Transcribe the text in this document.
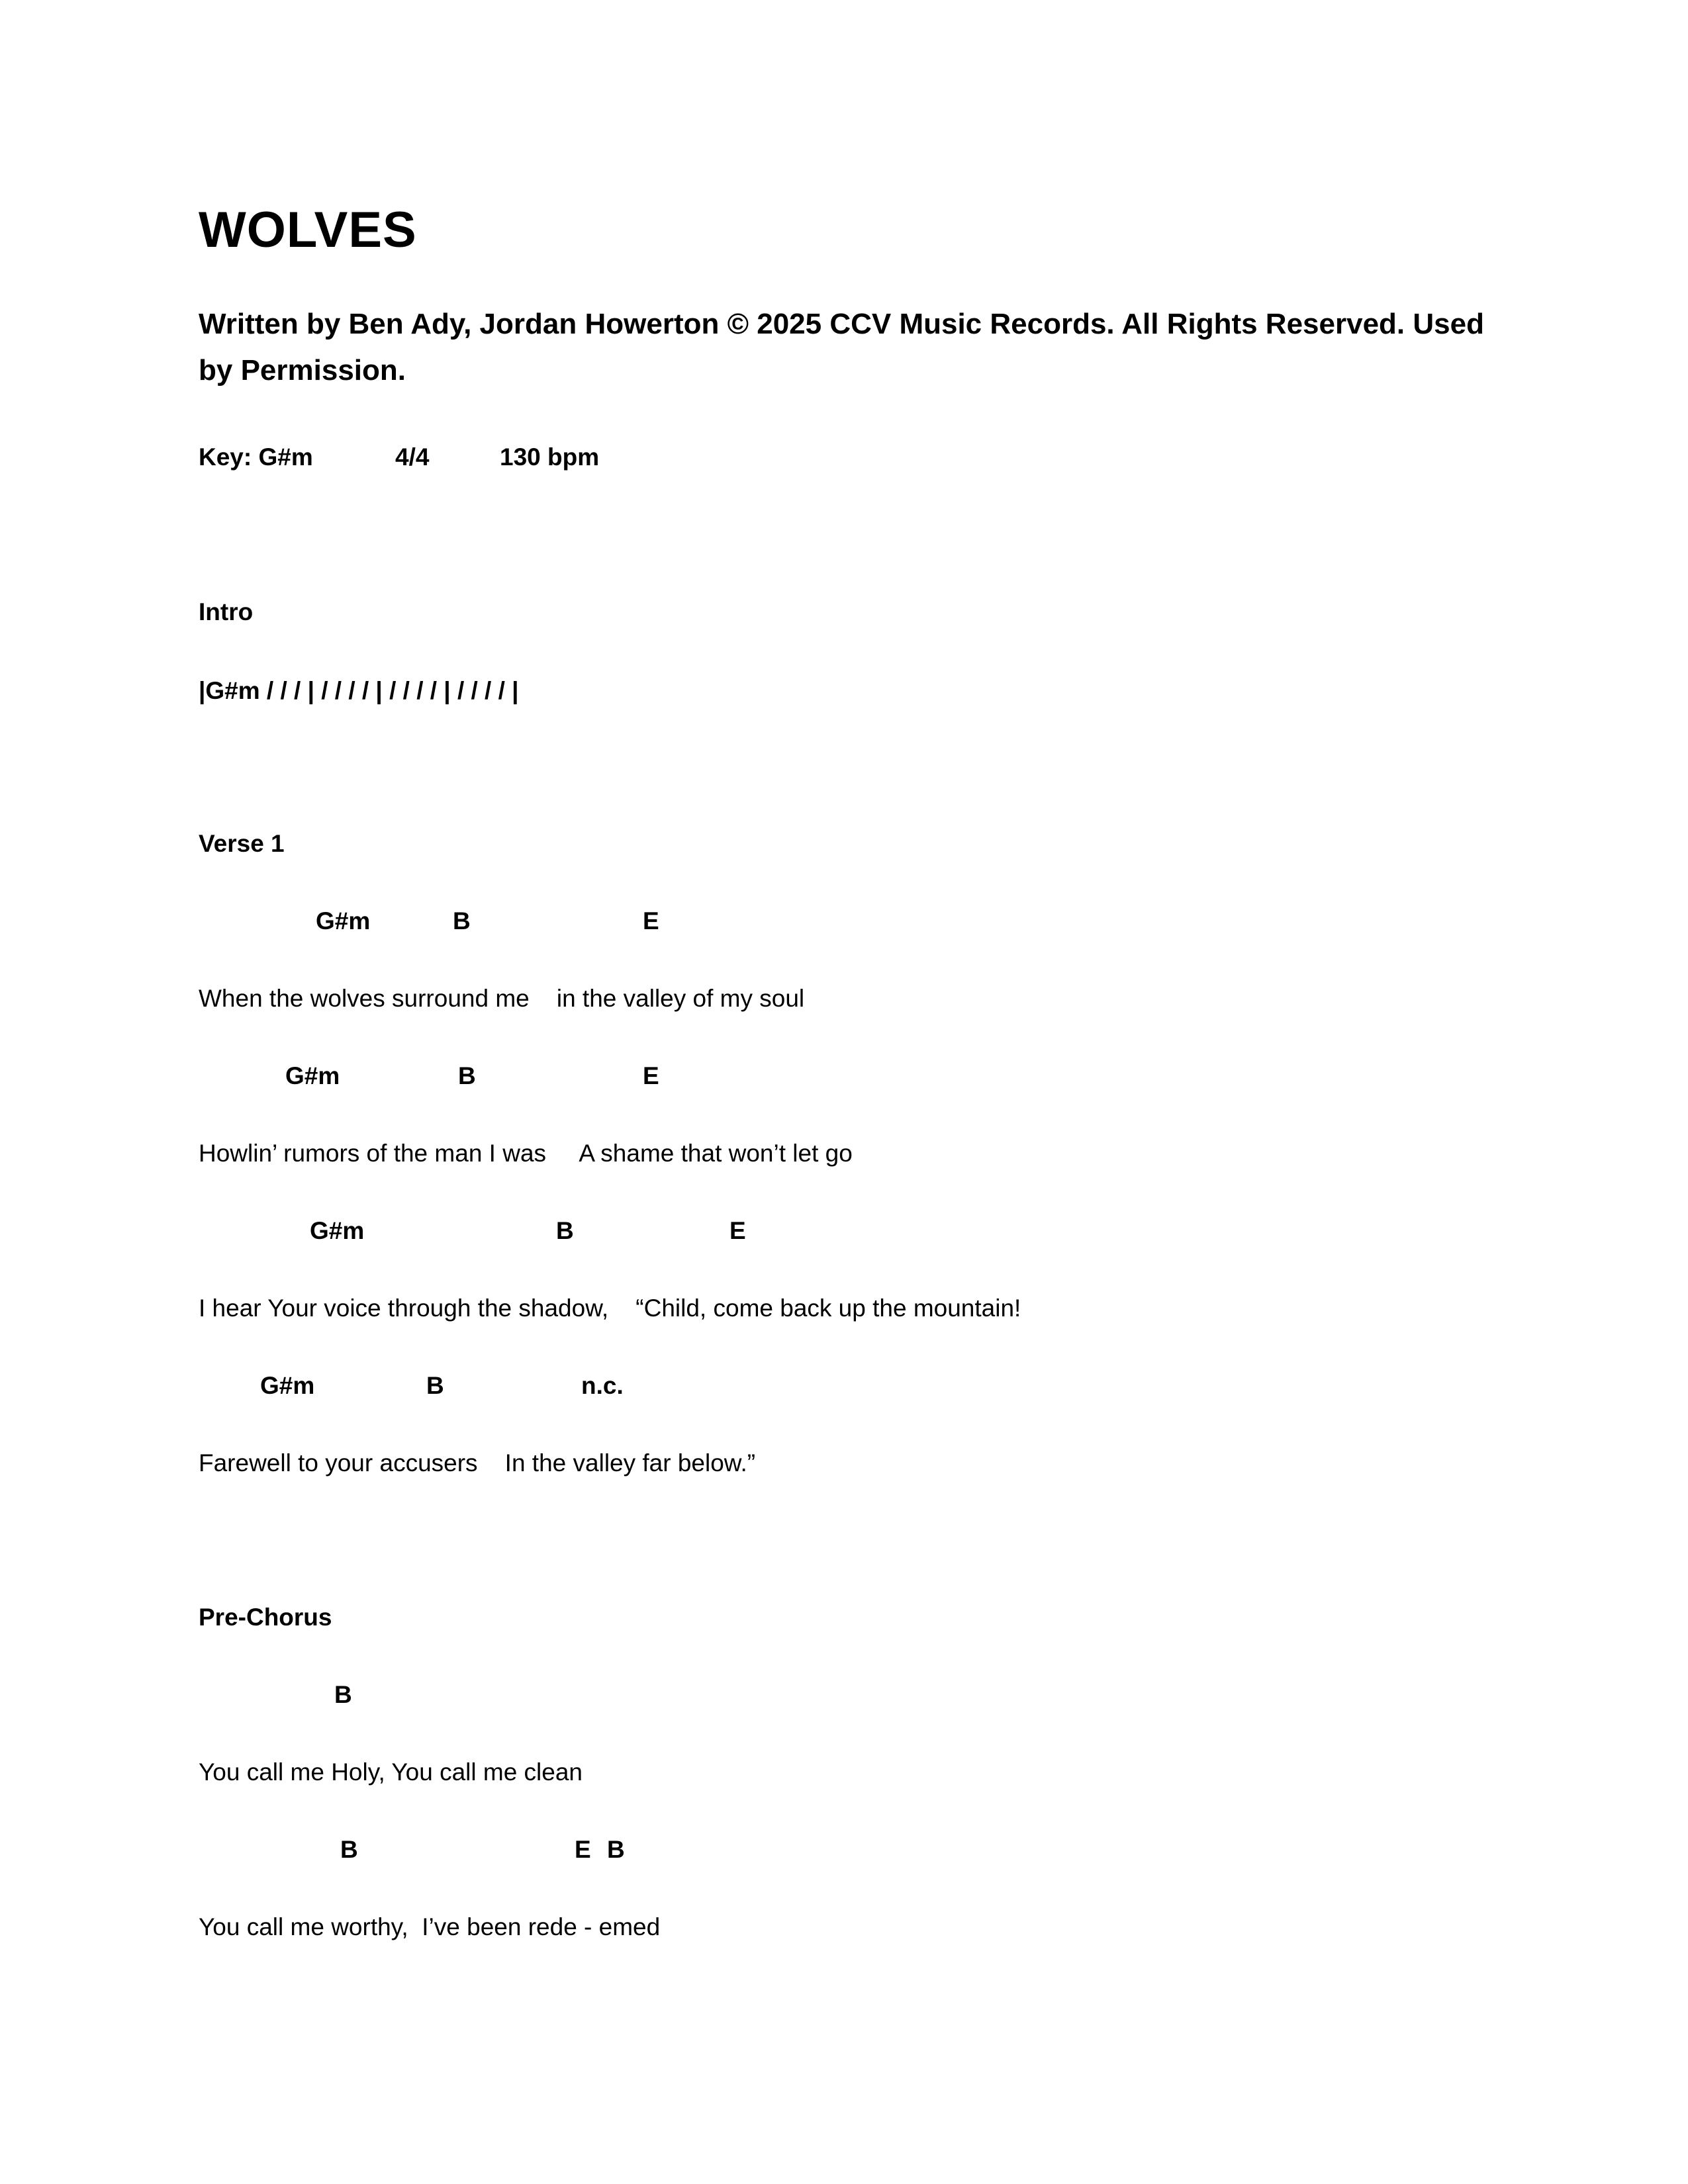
WOLVES
Written by Ben Ady, Jordan Howerton © 2025 CCV Music Records. All Rights Reserved. Used
by Permission.
Key: G#m	4/4	130 bpm
Intro
|G#m / / / | / / / / | / / / / | / / / / |
Verse 1
G#m	B	E
When the wolves surround me    in the valley of my soul
G#m	B	E
Howlin’ rumors of the man I was     A shame that won’t let go
G#m	B	E
I hear Your voice through the shadow,    “Child, come back up the mountain!
G#m	B	n.c.
Farewell to your accusers    In the valley far below.”
Pre-Chorus
B
You call me Holy, You call me clean
B	E B
You call me worthy,  I’ve been rede - emed
